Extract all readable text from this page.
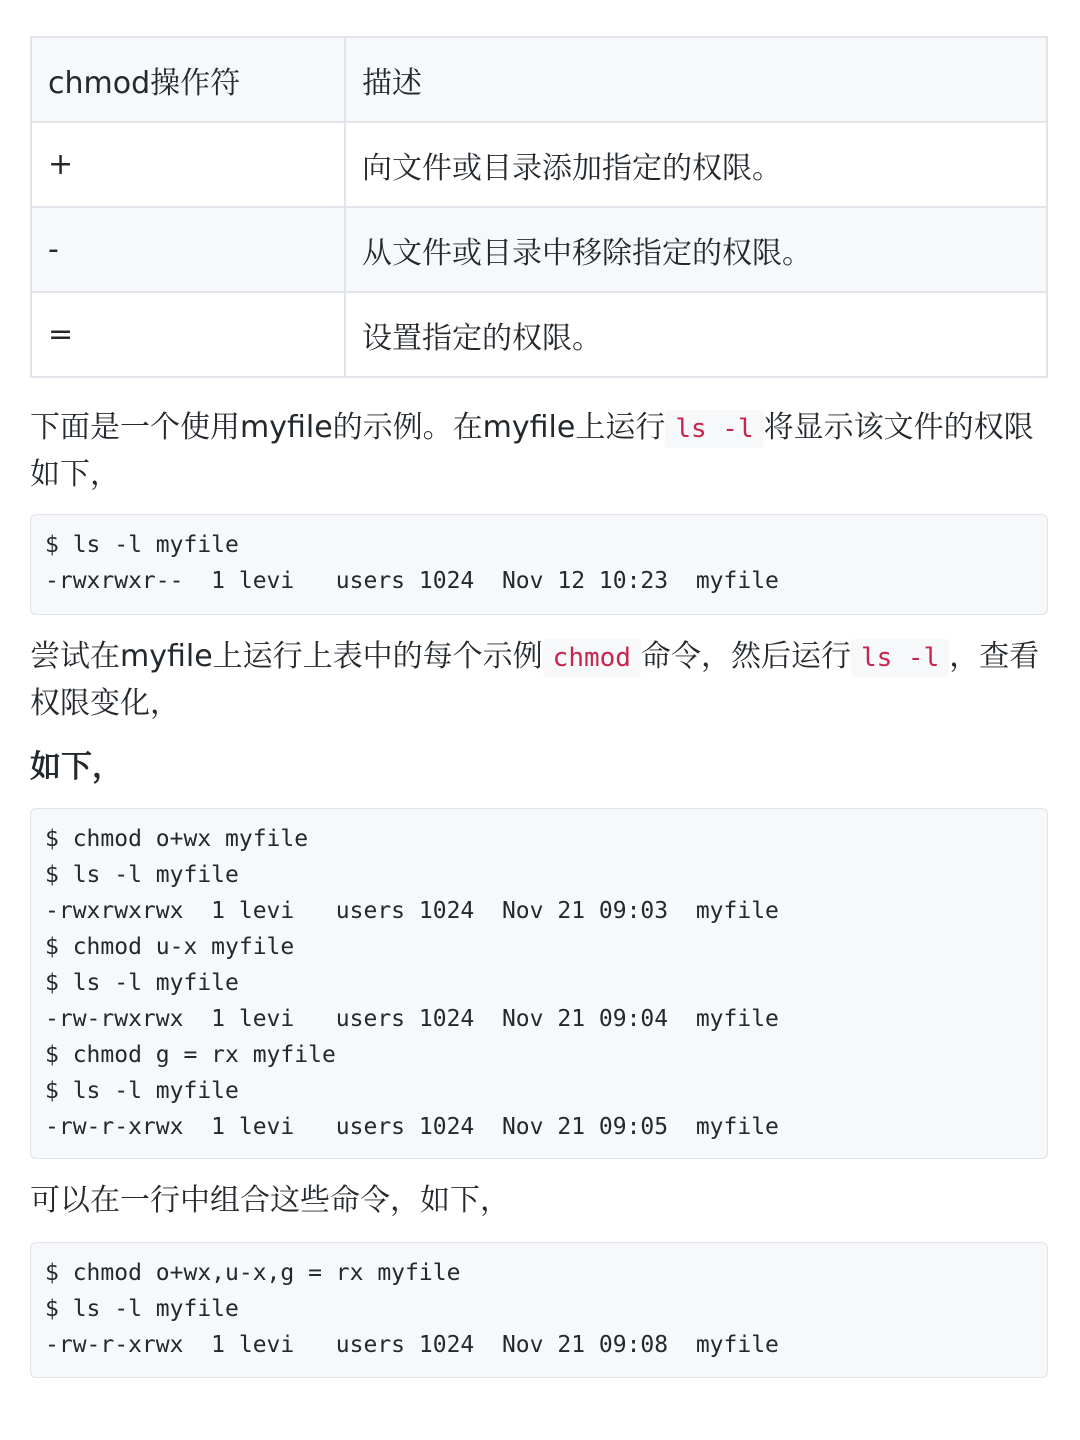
chmod操作符	描述
+	向文件或目录添加指定的权限。
-	从文件或目录中移除指定的权限。
=	设置指定的权限。

下面是一个使用myfile的示例。在myfile上运行 ls -l 将显示该文件的权限如下，

$ ls -l myfile
-rwxrwxr--  1 levi   users 1024  Nov 12 10:23  myfile

尝试在myfile上运行上表中的每个示例 chmod 命令，然后运行 ls -l ，查看权限变化，

如下，

$ chmod o+wx myfile
$ ls -l myfile
-rwxrwxrwx  1 levi   users 1024  Nov 21 09:03  myfile
$ chmod u-x myfile
$ ls -l myfile
-rw-rwxrwx  1 levi   users 1024  Nov 21 09:04  myfile
$ chmod g = rx myfile
$ ls -l myfile
-rw-r-xrwx  1 levi   users 1024  Nov 21 09:05  myfile

可以在一行中组合这些命令，如下，

$ chmod o+wx,u-x,g = rx myfile
$ ls -l myfile
-rw-r-xrwx  1 levi   users 1024  Nov 21 09:08  myfile
